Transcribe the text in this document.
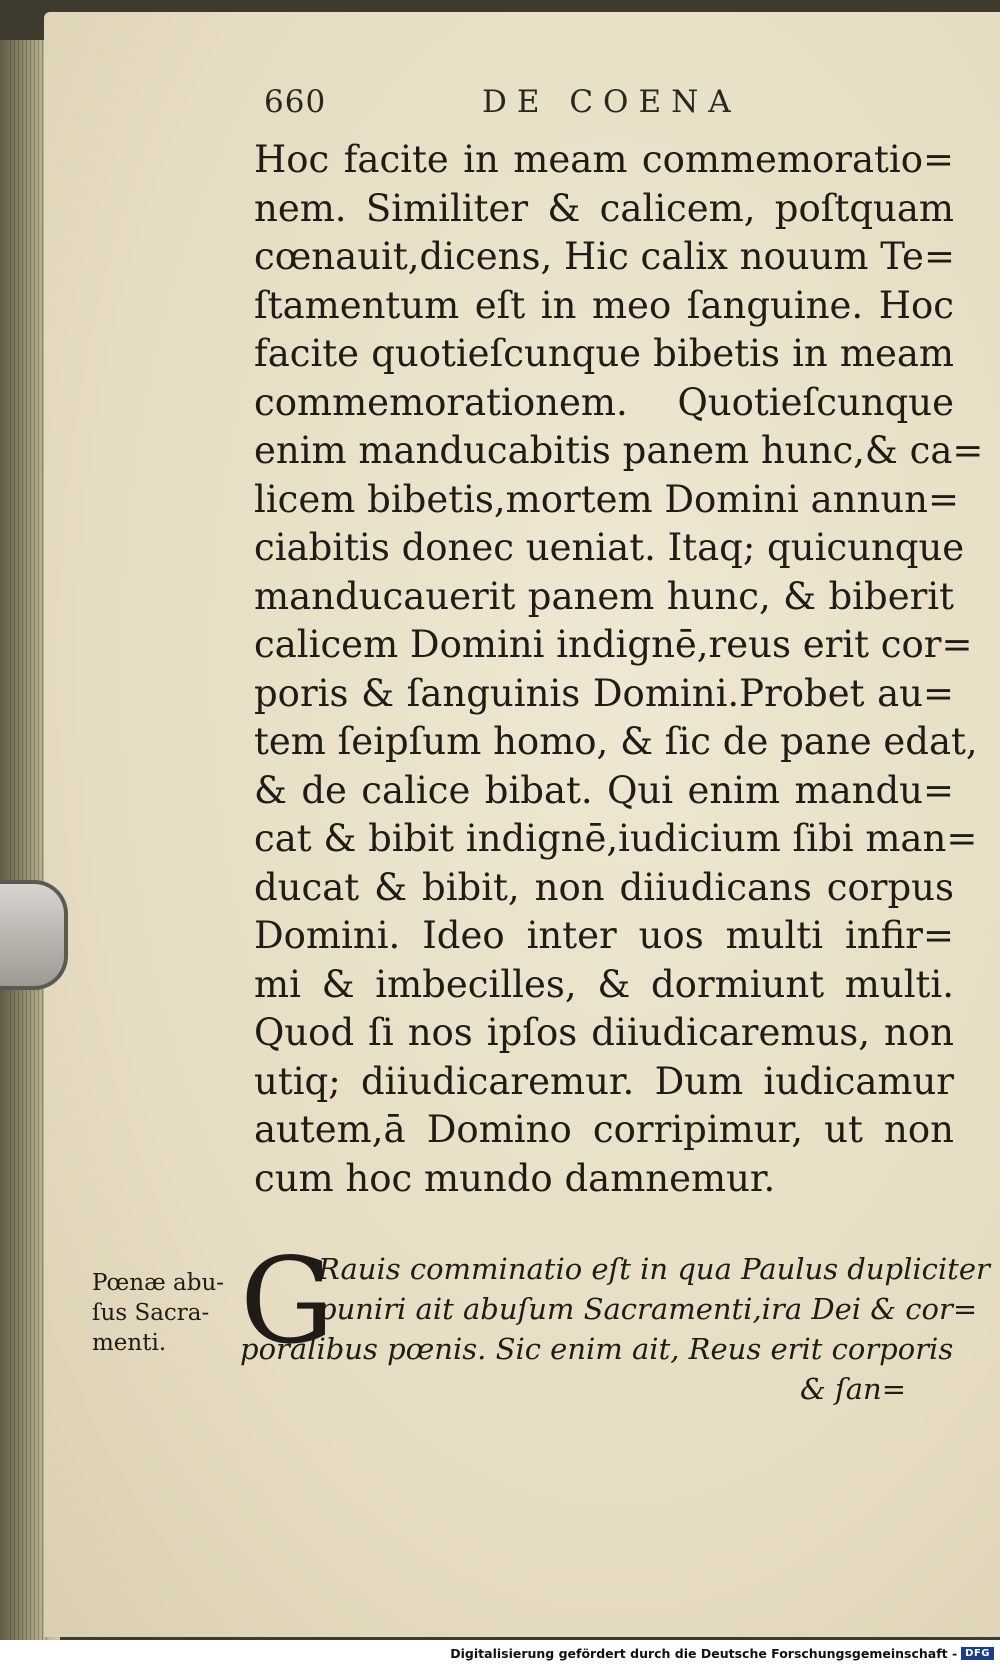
660	DE COENA
Hoc facite in meam commemoratio=
nem. Similiter & calicem, poſtquam
cœnauit,dicens, Hic calix nouum Te=
ſtamentum eſt in meo ſanguine. Hoc
facite quotieſcunque bibetis in meam
commemorationem. Quotieſcunque
enim manducabitis panem hunc,& ca=
licem bibetis,mortem Domini annun=
ciabitis donec ueniat. Itaq; quicunque
manducauerit panem hunc, & biberit
calicem Domini indignē,reus erit cor=
poris & ſanguinis Domini.Probet au=
tem ſeipſum homo, & ſic de pane edat,
& de calice bibat. Qui enim mandu=
cat & bibit indignē,iudicium ſibi man=
ducat & bibit, non diiudicans corpus
Domini. Ideo inter uos multi infir=
mi & imbecilles, & dormiunt multi.
Quod ſi nos ipſos diiudicaremus, non
utiq; diiudicaremur. Dum iudicamur
autem,ā Domino corripimur, ut non
cum hoc mundo damnemur.
Pœnæ abu-
ſus Sacra-
menti. G
Rauis comminatio eſt in qua Paulus dupliciter
puniri ait abuſum Sacramenti,ira Dei & cor=
poralibus pœnis. Sic enim ait, Reus erit corporis
& ſan=
Digitalisierung gefördert durch die Deutsche Forschungsgemeinschaft - DFG
